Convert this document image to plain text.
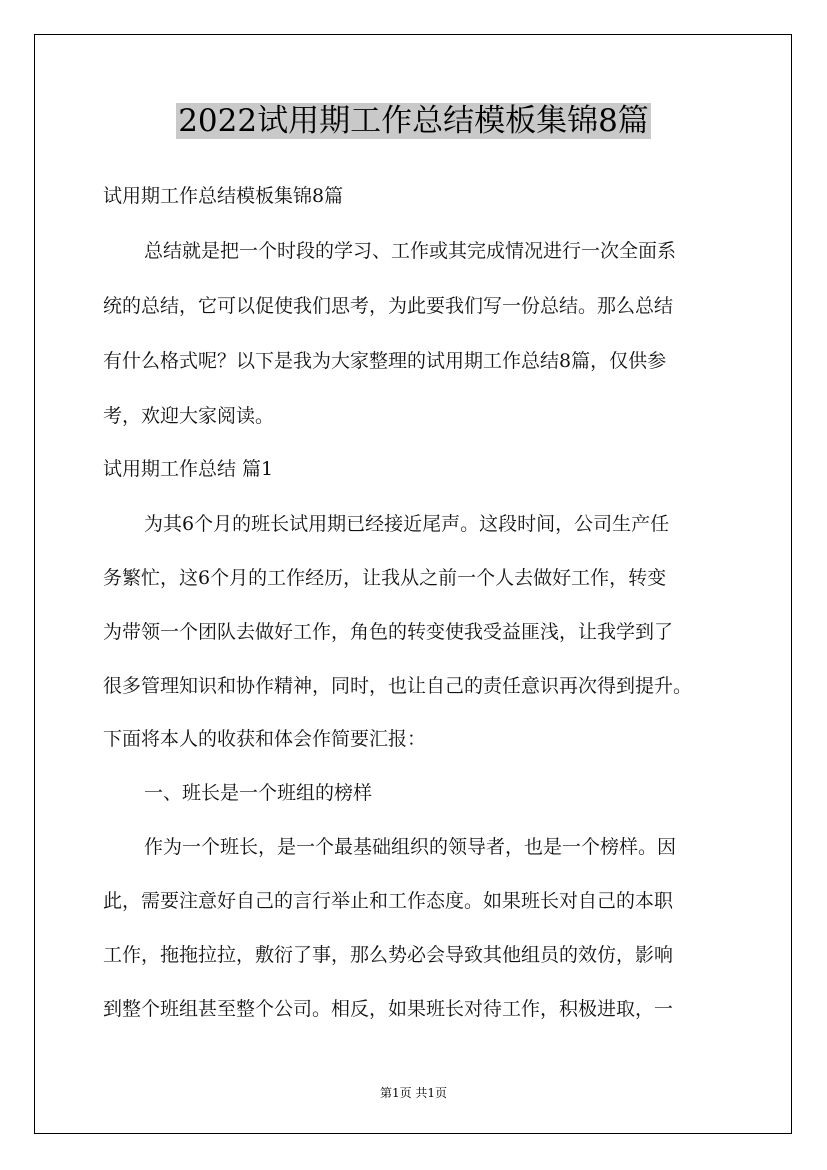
2022试用期工作总结模板集锦8篇
试用期工作总结模板集锦8篇
总结就是把一个时段的学习、工作或其完成情况进行一次全面系
统的总结，它可以促使我们思考，为此要我们写一份总结。那么总结
有什么格式呢？以下是我为大家整理的试用期工作总结8篇，仅供参
考，欢迎大家阅读。
试用期工作总结 篇1
为其6个月的班长试用期已经接近尾声。这段时间，公司生产任
务繁忙，这6个月的工作经历，让我从之前一个人去做好工作，转变
为带领一个团队去做好工作，角色的转变使我受益匪浅，让我学到了
很多管理知识和协作精神，同时，也让自己的责任意识再次得到提升。
下面将本人的收获和体会作简要汇报：
一、班长是一个班组的榜样
作为一个班长，是一个最基础组织的领导者，也是一个榜样。因
此，需要注意好自己的言行举止和工作态度。如果班长对自己的本职
工作，拖拖拉拉，敷衍了事，那么势必会导致其他组员的效仿，影响
到整个班组甚至整个公司。相反，如果班长对待工作，积极进取，一
第1页 共1页
